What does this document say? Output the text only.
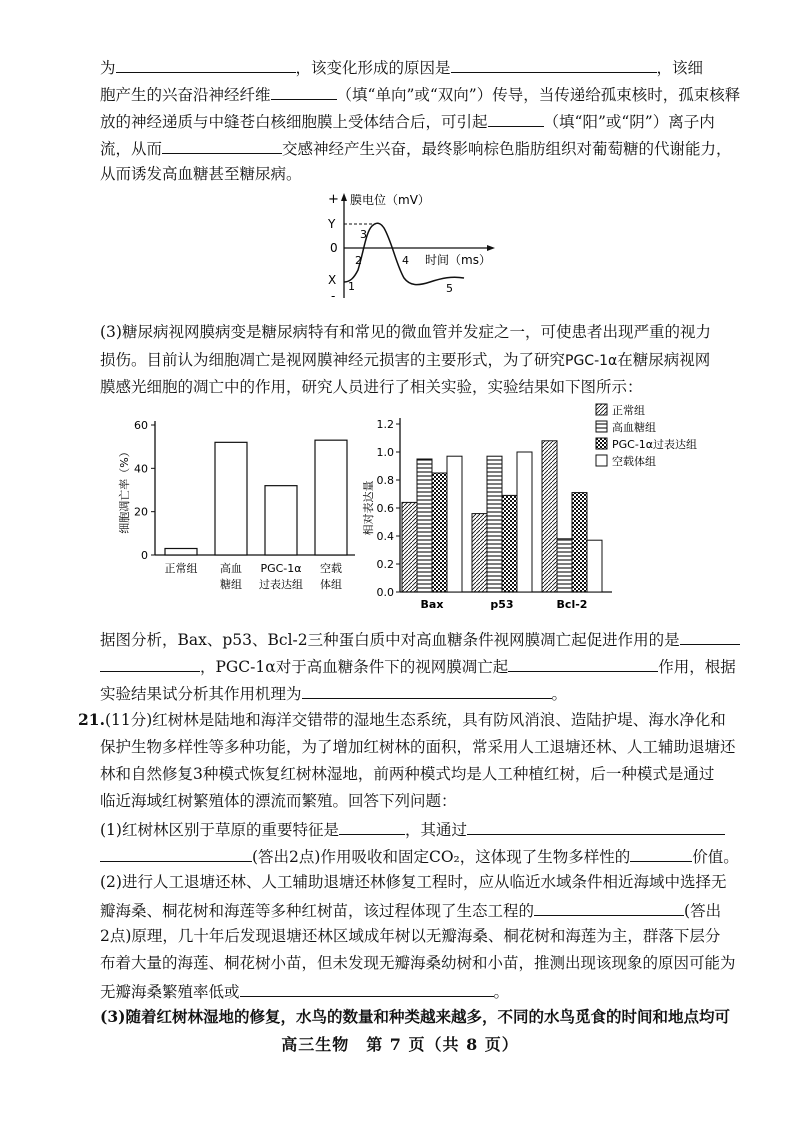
为	，该变化形成的原因是	，该细
胞产生的兴奋沿神经纤维	（填“单向”或“双向”）传导，当传递给孤束核时，孤束核释
放的神经递质与中缝苍白核细胞膜上受体结合后，可引起	（填“阳”或“阴”）离子内
流，从而	交感神经产生兴奋，最终影响棕色脂肪组织对葡萄糖的代谢能力，
从而诱发高血糖甚至糖尿病。
+ 膜电位（mV）
Y
0
X
-
时间（ms）
1
2
3
4
5
(3)糖尿病视网膜病变是糖尿病特有和常见的微血管并发症之一，可使患者出现严重的视力
损伤。目前认为细胞凋亡是视网膜神经元损害的主要形式，为了研究PGC-1α在糖尿病视网
膜感光细胞的凋亡中的作用，研究人员进行了相关实验，实验结果如下图所示：
0
20
40
60
细胞凋亡率（%）
正常组 高血
糖组
PGC-1α
过表达组
空载
体组
0.0
0.2
0.4
0.6
0.8
1.0
1.2
相对表达量
Bax	p53	Bcl-2
正常组
高血糖组
PGC-1α过表达组
空载体组
据图分析，Bax、p53、Bcl-2三种蛋白质中对高血糖条件视网膜凋亡起促进作用的是
，PGC-1α对于高血糖条件下的视网膜凋亡起	作用，根据
实验结果试分析其作用机理为	。
21.(11分)红树林是陆地和海洋交错带的湿地生态系统，具有防风消浪、造陆护堤、海水净化和
保护生物多样性等多种功能，为了增加红树林的面积，常采用人工退塘还林、人工辅助退塘还
林和自然修复3种模式恢复红树林湿地，前两种模式均是人工种植红树，后一种模式是通过
临近海域红树繁殖体的漂流而繁殖。回答下列问题：
(1)红树林区别于草原的重要特征是	，其通过
(答出2点)作用吸收和固定CO₂，这体现了生物多样性的	价值。
(2)进行人工退塘还林、人工辅助退塘还林修复工程时，应从临近水域条件相近海域中选择无
瓣海桑、桐花树和海莲等多种红树苗，该过程体现了生态工程的	(答出
2点)原理，几十年后发现退塘还林区域成年树以无瓣海桑、桐花树和海莲为主，群落下层分
布着大量的海莲、桐花树小苗，但未发现无瓣海桑幼树和小苗，推测出现该现象的原因可能为
无瓣海桑繁殖率低或	。
(3)随着红树林湿地的修复，水鸟的数量和种类越来越多，不同的水鸟觅食的时间和地点均可
高三生物　第 7 页（共 8 页）
